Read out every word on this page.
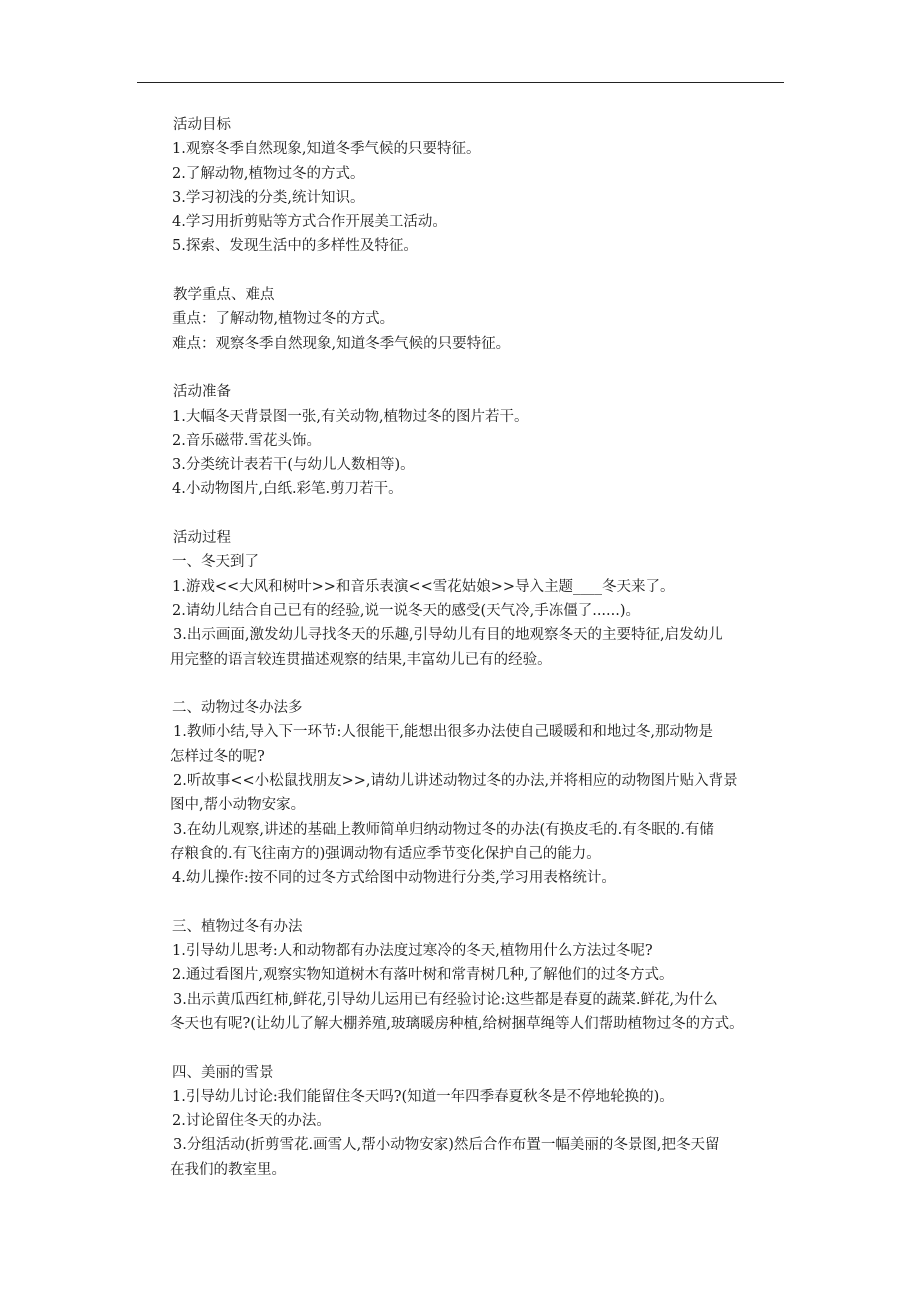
活动目标
1.观察冬季自然现象,知道冬季气候的只要特征。
2.了解动物,植物过冬的方式。
3.学习初浅的分类,统计知识。
4.学习用折剪贴等方式合作开展美工活动。
5.探索、发现生活中的多样性及特征。
教学重点、难点
重点：了解动物,植物过冬的方式。
难点：观察冬季自然现象,知道冬季气候的只要特征。
活动准备
1.大幅冬天背景图一张,有关动物,植物过冬的图片若干。
2.音乐磁带.雪花头饰。
3.分类统计表若干(与幼儿人数相等)。
4.小动物图片,白纸.彩笔.剪刀若干。
活动过程
一、冬天到了
1.游戏<<大风和树叶>>和音乐表演<<雪花姑娘>>导入主题____冬天来了。
2.请幼儿结合自己已有的经验,说一说冬天的感受(天气冷,手冻僵了......)。
3.出示画面,激发幼儿寻找冬天的乐趣,引导幼儿有目的地观察冬天的主要特征,启发幼儿
用完整的语言较连贯描述观察的结果,丰富幼儿已有的经验。
二、动物过冬办法多
1.教师小结,导入下一环节:人很能干,能想出很多办法使自己暖暖和和地过冬,那动物是
怎样过冬的呢?
2.听故事<<小松鼠找朋友>>,请幼儿讲述动物过冬的办法,并将相应的动物图片贴入背景
图中,帮小动物安家。
3.在幼儿观察,讲述的基础上教师简单归纳动物过冬的办法(有换皮毛的.有冬眠的.有储
存粮食的.有飞往南方的)强调动物有适应季节变化保护自己的能力。
4.幼儿操作:按不同的过冬方式给图中动物进行分类,学习用表格统计。
三、植物过冬有办法
1.引导幼儿思考:人和动物都有办法度过寒冷的冬天,植物用什么方法过冬呢?
2.通过看图片,观察实物知道树木有落叶树和常青树几种,了解他们的过冬方式。
3.出示黄瓜西红柿,鲜花,引导幼儿运用已有经验讨论:这些都是春夏的蔬菜.鲜花,为什么
冬天也有呢?(让幼儿了解大棚养殖,玻璃暖房种植,给树捆草绳等人们帮助植物过冬的方式。
四、美丽的雪景
1.引导幼儿讨论:我们能留住冬天吗?(知道一年四季春夏秋冬是不停地轮换的)。
2.讨论留住冬天的办法。
3.分组活动(折剪雪花.画雪人,帮小动物安家)然后合作布置一幅美丽的冬景图,把冬天留
在我们的教室里。
